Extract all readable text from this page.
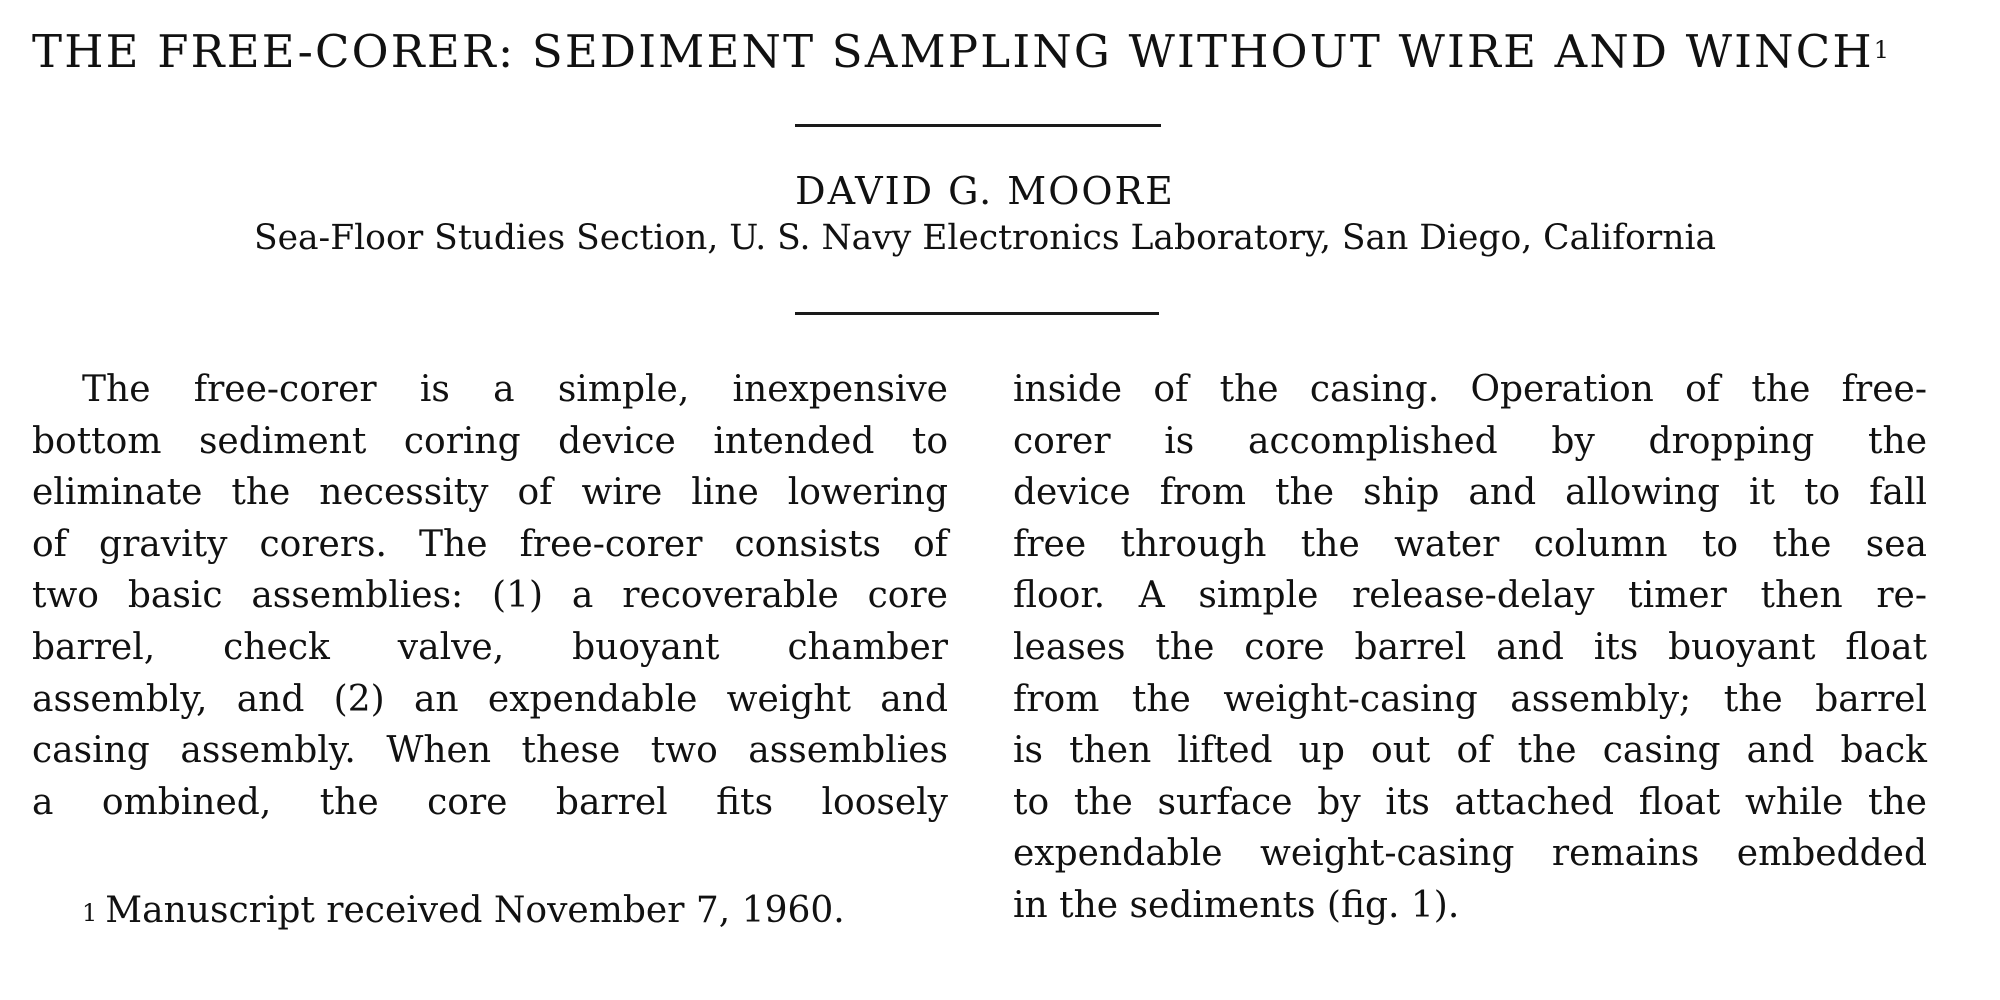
THE FREE-CORER: SEDIMENT SAMPLING WITHOUT WIRE AND WINCH$^1$
DAVID G. MOORE
Sea-Floor Studies Section, U. S. Navy Electronics Laboratory, San Diego, California
The free-corer is a simple, inexpensive
bottom sediment coring device intended to
eliminate the necessity of wire line lowering
of gravity corers. The free-corer consists of
two basic assemblies: (1) a recoverable core
barrel, check valve, buoyant chamber
assembly, and (2) an expendable weight and
casing assembly. When these two assemblies
a ombined, the core barrel fits loosely
inside of the casing. Operation of the free-
corer is accomplished by dropping the
device from the ship and allowing it to fall
free through the water column to the sea
floor. A simple release-delay timer then re-
leases the core barrel and its buoyant float
from the weight-casing assembly; the barrel
is then lifted up out of the casing and back
to the surface by its attached float while the
expendable weight-casing remains embedded
in the sediments (fig. 1).
$^1$ Manuscript received November 7, 1960.
